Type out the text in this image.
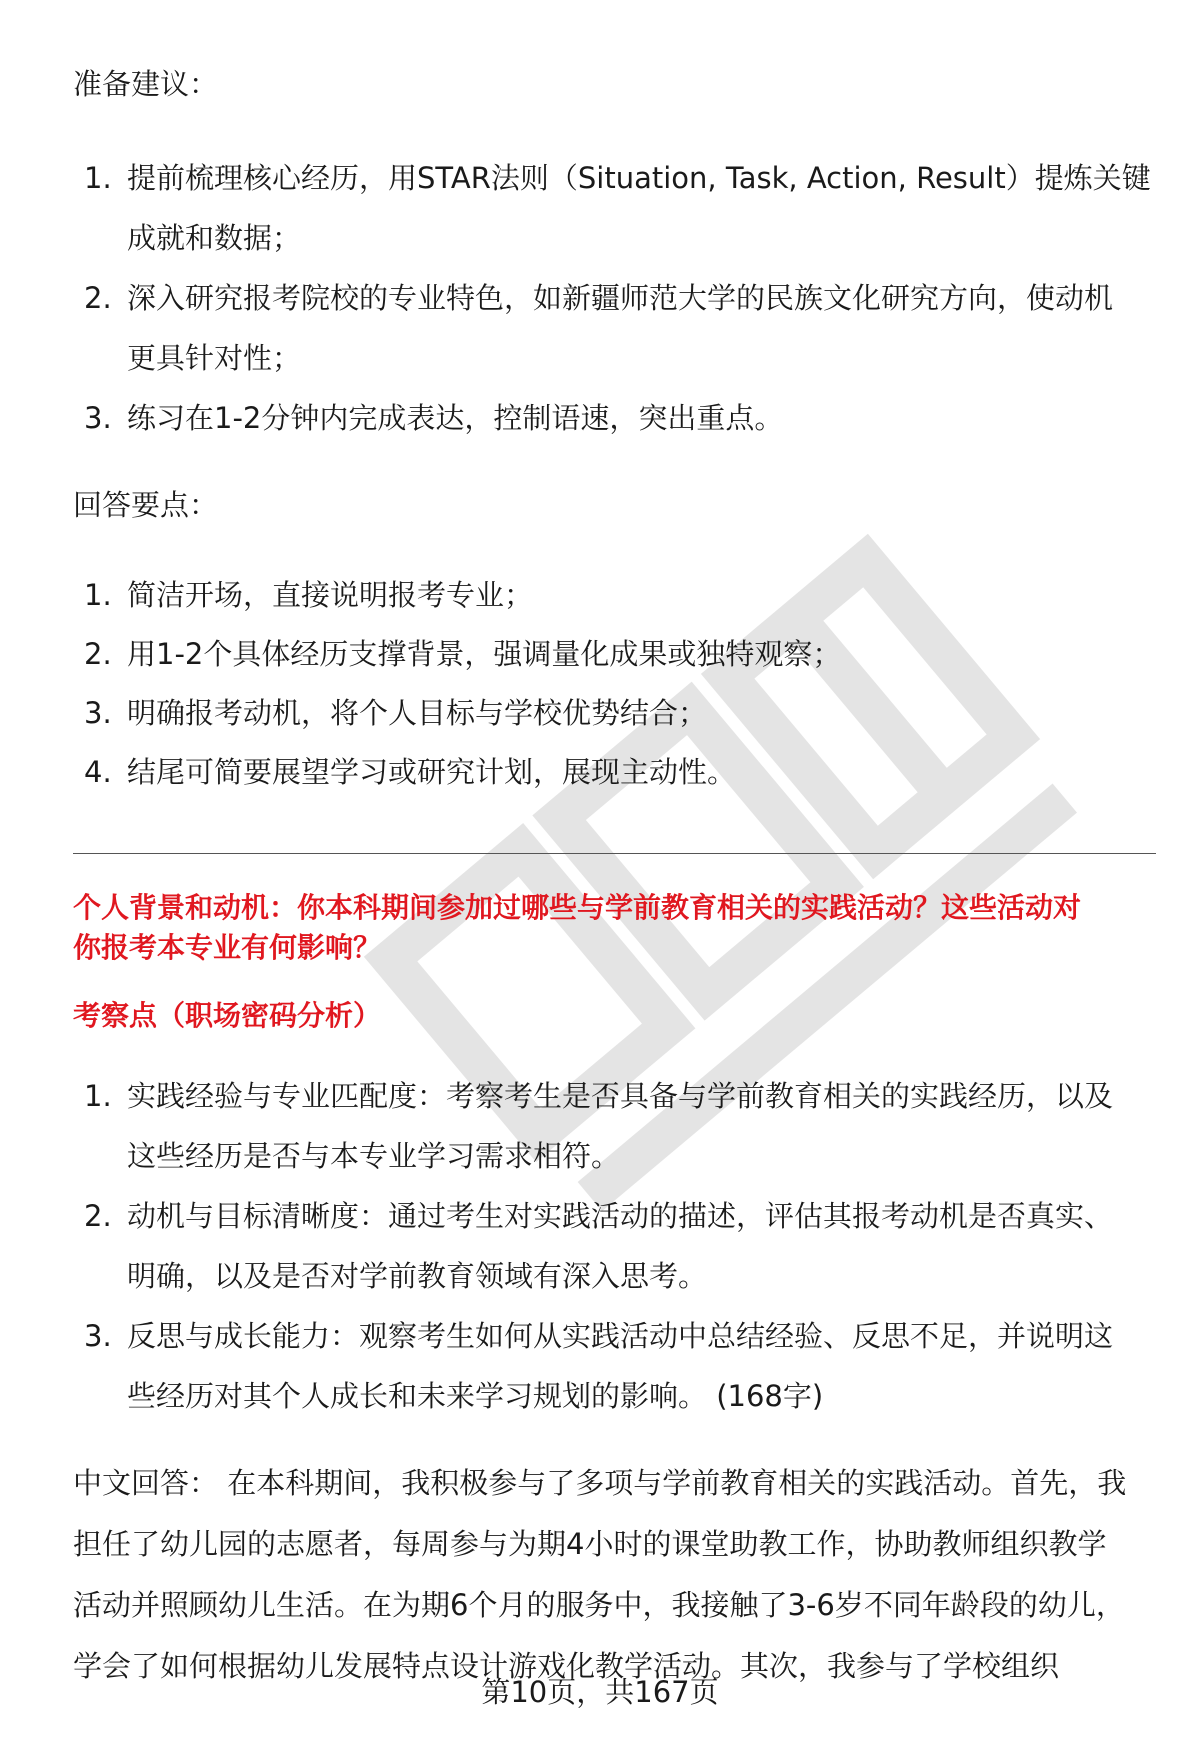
准备建议：
1. 提前梳理核心经历，用STAR法则（Situation, Task, Action, Result）提炼关键
成就和数据；
2. 深入研究报考院校的专业特色，如新疆师范大学的民族文化研究方向，使动机
更具针对性；
3. 练习在1-2分钟内完成表达，控制语速，突出重点。
回答要点：
1. 简洁开场，直接说明报考专业；
2. 用1-2个具体经历支撑背景，强调量化成果或独特观察；
3. 明确报考动机，将个人目标与学校优势结合；
4. 结尾可简要展望学习或研究计划，展现主动性。
个人背景和动机：你本科期间参加过哪些与学前教育相关的实践活动？这些活动对
你报考本专业有何影响？
考察点（职场密码分析）
1. 实践经验与专业匹配度：考察考生是否具备与学前教育相关的实践经历，以及
这些经历是否与本专业学习需求相符。
2. 动机与目标清晰度：通过考生对实践活动的描述，评估其报考动机是否真实、
明确，以及是否对学前教育领域有深入思考。
3. 反思与成长能力：观察考生如何从实践活动中总结经验、反思不足，并说明这
些经历对其个人成长和未来学习规划的影响。 (168字)
中文回答： 在本科期间，我积极参与了多项与学前教育相关的实践活动。首先，我
担任了幼儿园的志愿者，每周参与为期4小时的课堂助教工作，协助教师组织教学
活动并照顾幼儿生活。在为期6个月的服务中，我接触了3-6岁不同年龄段的幼儿，
学会了如何根据幼儿发展特点设计游戏化教学活动。其次，我参与了学校组织
第10页，共167页
